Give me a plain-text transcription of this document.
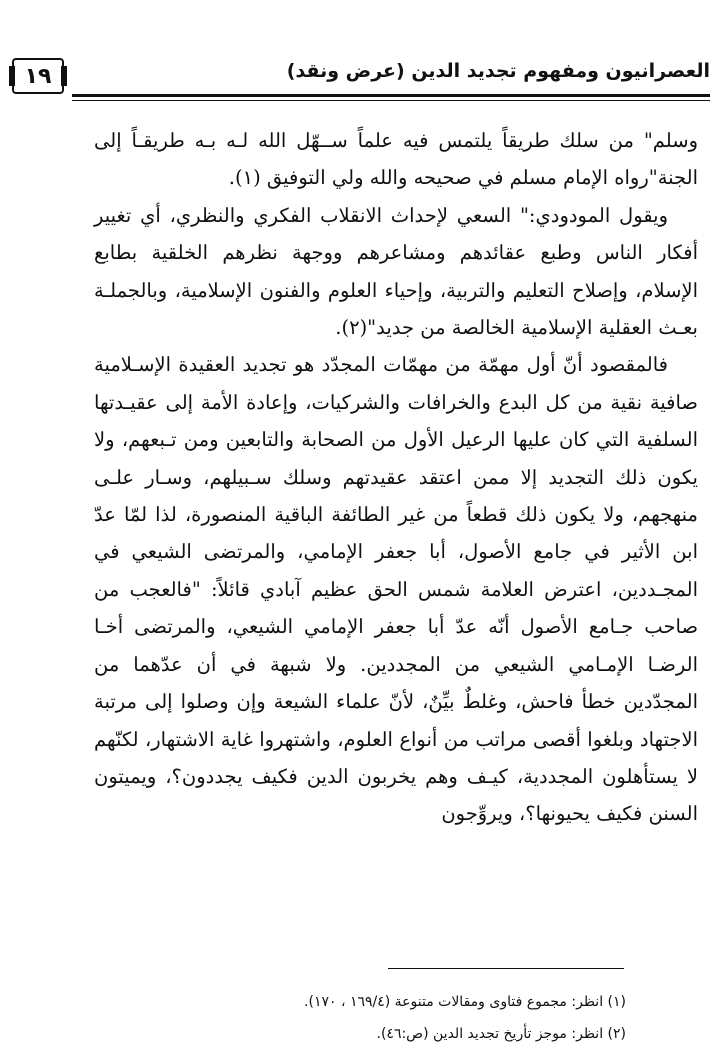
١٩	العصرانيون ومفهوم تجديد الدين (عرض ونقد)

وسلم" من سلك طريقاً يلتمس فيه علماً ســهّل الله لـه بـه طريقـاً إلى الجنة"رواه الإمام مسلم في صحيحه والله ولي التوفيق (١).

ويقول المودودي:" السعي لإحداث الانقلاب الفكري والنظري، أي تغيير أفكار الناس وطبع عقائدهم ومشاعرهم ووجهة نظرهم الخلقية بطابع الإسلام، وإصلاح التعليم والتربية، وإحياء العلوم والفنون الإسلامية، وبالجملـة بعـث العقلية الإسلامية الخالصة من جديد"(٢).

فالمقصود أنّ أول مهمّة من مهمّات المجدّد هو تجديد العقيدة الإسـلامية صافية نقية من كل البدع والخرافات والشركيات، وإعادة الأمة إلى عقيـدتها السلفية التي كان عليها الرعيل الأول من الصحابة والتابعين ومن تـبعهم، ولا يكون ذلك التجديد إلا ممن اعتقد عقيدتهم وسلك سـبيلهم، وسـار علـى منهجهم، ولا يكون ذلك قطعاً من غير الطائفة الباقية المنصورة، لذا لمّا عدّ ابن الأثير في جامع الأصول، أبا جعفر الإمامي، والمرتضى الشيعي في المجـددين، اعترض العلامة شمس الحق عظيم آبادي قائلاً: "فالعجب من صاحب جـامع الأصول أنّه عدّ أبا جعفر الإمامي الشيعي، والمرتضى أخـا الرضـا الإمـامي الشيعي من المجددين. ولا شبهة في أن عدّهما من المجدّدين خطأ فاحش، وغلطٌ بيِّنٌ، لأنّ علماء الشيعة وإن وصلوا إلى مرتبة الاجتهاد وبلغوا أقصى مراتب من أنواع العلوم، واشتهروا غاية الاشتهار، لكنّهم لا يستأهلون المجددية، كيـف وهم يخربون الدين فكيف يجددون؟، ويميتون السنن فكيف يحيونها؟، ويروِّجون

(١) انظر: مجموع فتاوى ومقالات متنوعة (١٦٩/٤ ، ١٧٠).

(٢) انظر: موجز تأريخ تجديد الدين (ص:٤٦).
